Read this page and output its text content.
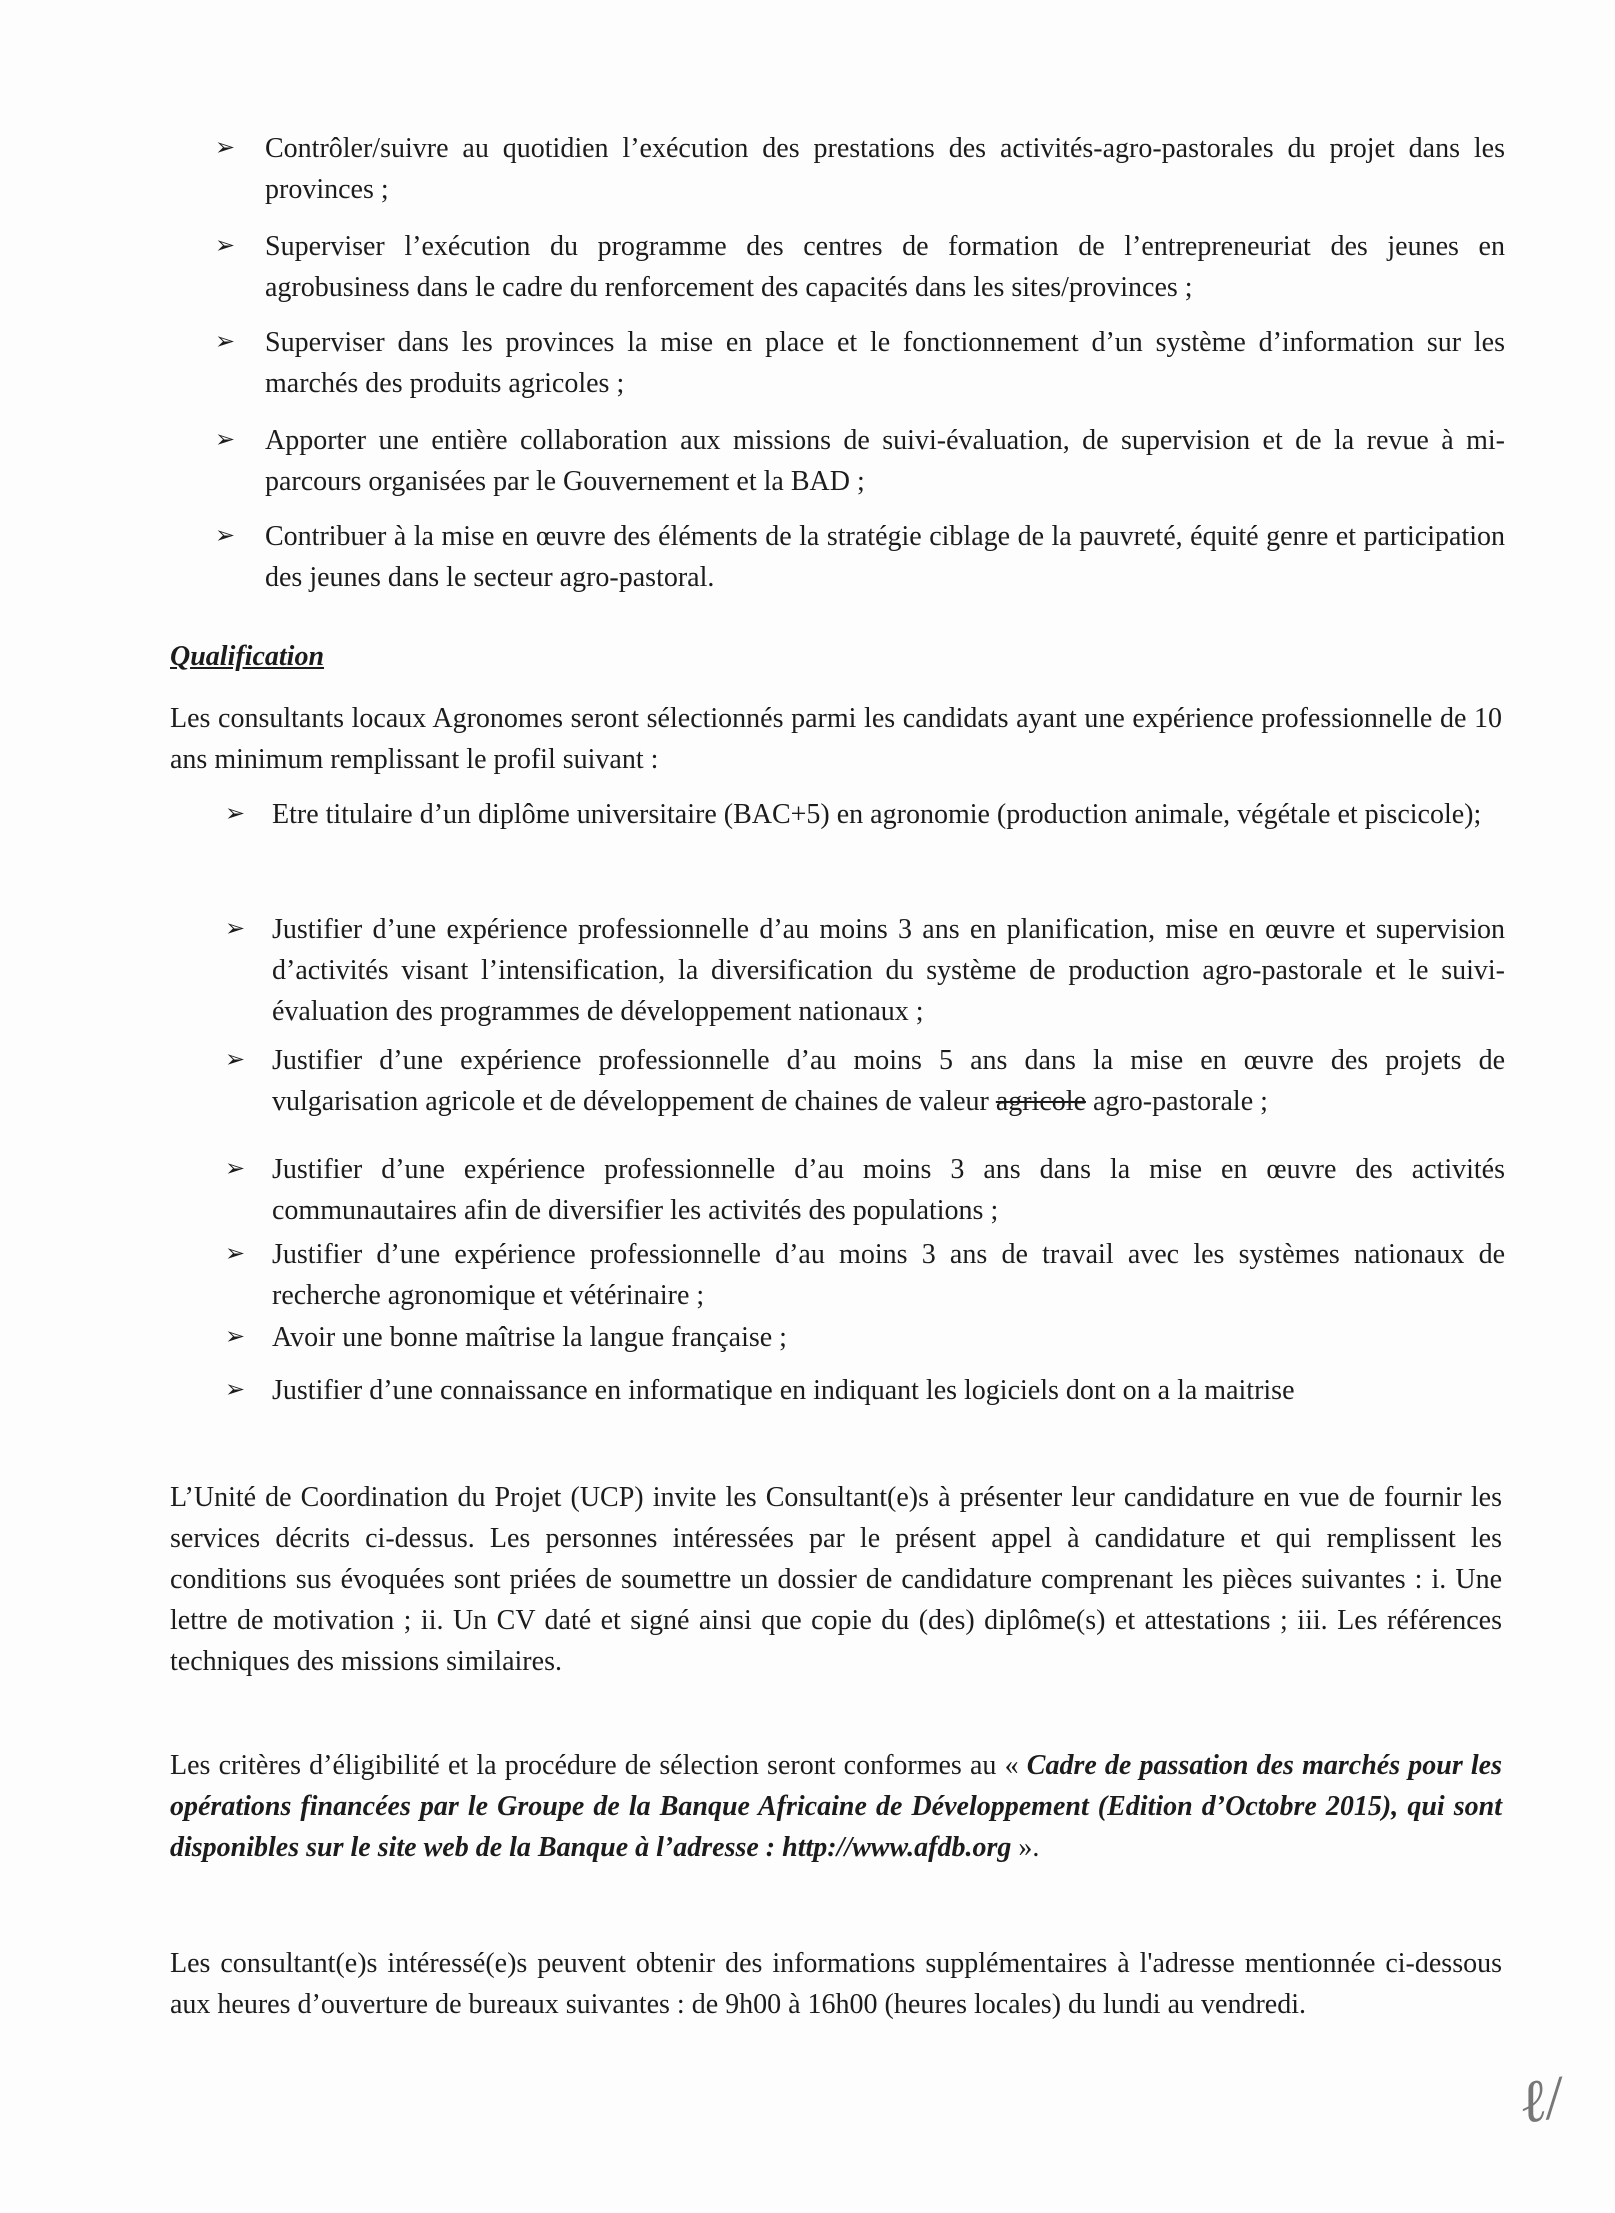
➢ Contrôler/suivre au quotidien l’exécution des prestations des activités-agro-pastorales du projet dans les provinces ;
➢ Superviser l’exécution du programme des centres de formation de l’entrepreneuriat des jeunes en agrobusiness dans le cadre du renforcement des capacités dans les sites/provinces ;
➢ Superviser dans les provinces la mise en place et le fonctionnement d’un système d’information sur les marchés des produits agricoles ;
➢ Apporter une entière collaboration aux missions de suivi-évaluation, de supervision et de la revue à mi-parcours organisées par le Gouvernement et la BAD ;
➢ Contribuer à la mise en œuvre des éléments de la stratégie ciblage de la pauvreté, équité genre et participation des jeunes dans le secteur agro-pastoral.
Qualification
Les consultants locaux Agronomes seront sélectionnés parmi les candidats ayant une expérience professionnelle de 10 ans minimum remplissant le profil suivant :
➢ Etre titulaire d’un diplôme universitaire (BAC+5) en agronomie (production animale, végétale et piscicole);
➢ Justifier d’une expérience professionnelle d’au moins 3 ans en planification, mise en œuvre et supervision d’activités visant l’intensification, la diversification du système de production agro-pastorale et le suivi-évaluation des programmes de développement nationaux ;
➢ Justifier d’une expérience professionnelle d’au moins 5 ans dans la mise en œuvre des projets de vulgarisation agricole et de développement de chaines de valeur agricole agro-pastorale ;
➢ Justifier d’une expérience professionnelle d’au moins 3 ans dans la mise en œuvre des activités communautaires afin de diversifier les activités des populations ;
➢ Justifier d’une expérience professionnelle d’au moins 3 ans de travail avec les systèmes nationaux de recherche agronomique et vétérinaire ;
➢ Avoir une bonne maîtrise la langue française ;
➢ Justifier d’une connaissance en informatique en indiquant les logiciels dont on a la maitrise
L’Unité de Coordination du Projet (UCP) invite les Consultant(e)s à présenter leur candidature en vue de fournir les services décrits ci-dessus. Les personnes intéressées par le présent appel à candidature et qui remplissent les conditions sus évoquées sont priées de soumettre un dossier de candidature comprenant les pièces suivantes : i. Une lettre de motivation ; ii. Un CV daté et signé ainsi que copie du (des) diplôme(s) et attestations ; iii. Les références techniques des missions similaires.
Les critères d’éligibilité et la procédure de sélection seront conformes au « Cadre de passation des marchés pour les opérations financées par le Groupe de la Banque Africaine de Développement (Edition d’Octobre 2015), qui sont disponibles sur le site web de la Banque à l’adresse : http://www.afdb.org ».
Les consultant(e)s intéressé(e)s peuvent obtenir des informations supplémentaires à l'adresse mentionnée ci-dessous aux heures d’ouverture de bureaux suivantes : de 9h00 à 16h00 (heures locales) du lundi au vendredi.
ℓ/
